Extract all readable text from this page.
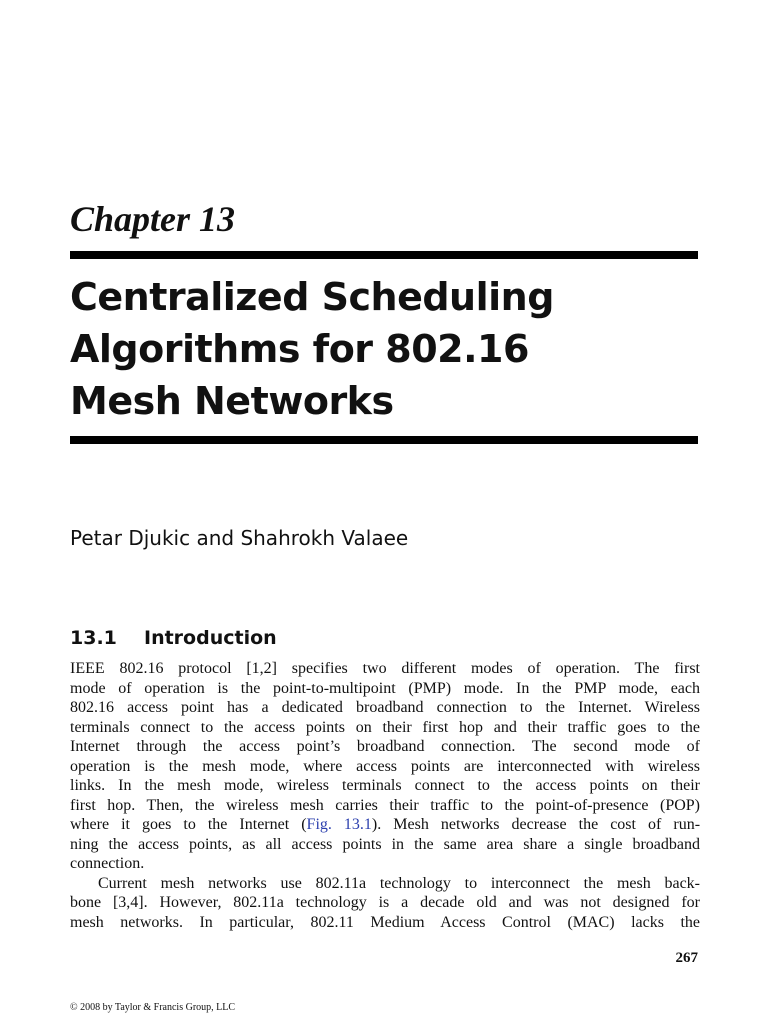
Chapter 13
Centralized Scheduling
Algorithms for 802.16
Mesh Networks

Petar Djukic and Shahrokh Valaee

13.1 Introduction
IEEE 802.16 protocol [1,2] specifies two different modes of operation. The first
mode of operation is the point-to-multipoint (PMP) mode. In the PMP mode, each
802.16 access point has a dedicated broadband connection to the Internet. Wireless
terminals connect to the access points on their first hop and their traffic goes to the
Internet through the access point’s broadband connection. The second mode of
operation is the mesh mode, where access points are interconnected with wireless
links. In the mesh mode, wireless terminals connect to the access points on their
first hop. Then, the wireless mesh carries their traffic to the point-of-presence (POP)
where it goes to the Internet (Fig. 13.1). Mesh networks decrease the cost of run-
ning the access points, as all access points in the same area share a single broadband
connection.
Current mesh networks use 802.11a technology to interconnect the mesh back-
bone [3,4]. However, 802.11a technology is a decade old and was not designed for
mesh networks. In particular, 802.11 Medium Access Control (MAC) lacks the

267

© 2008 by Taylor & Francis Group, LLC
